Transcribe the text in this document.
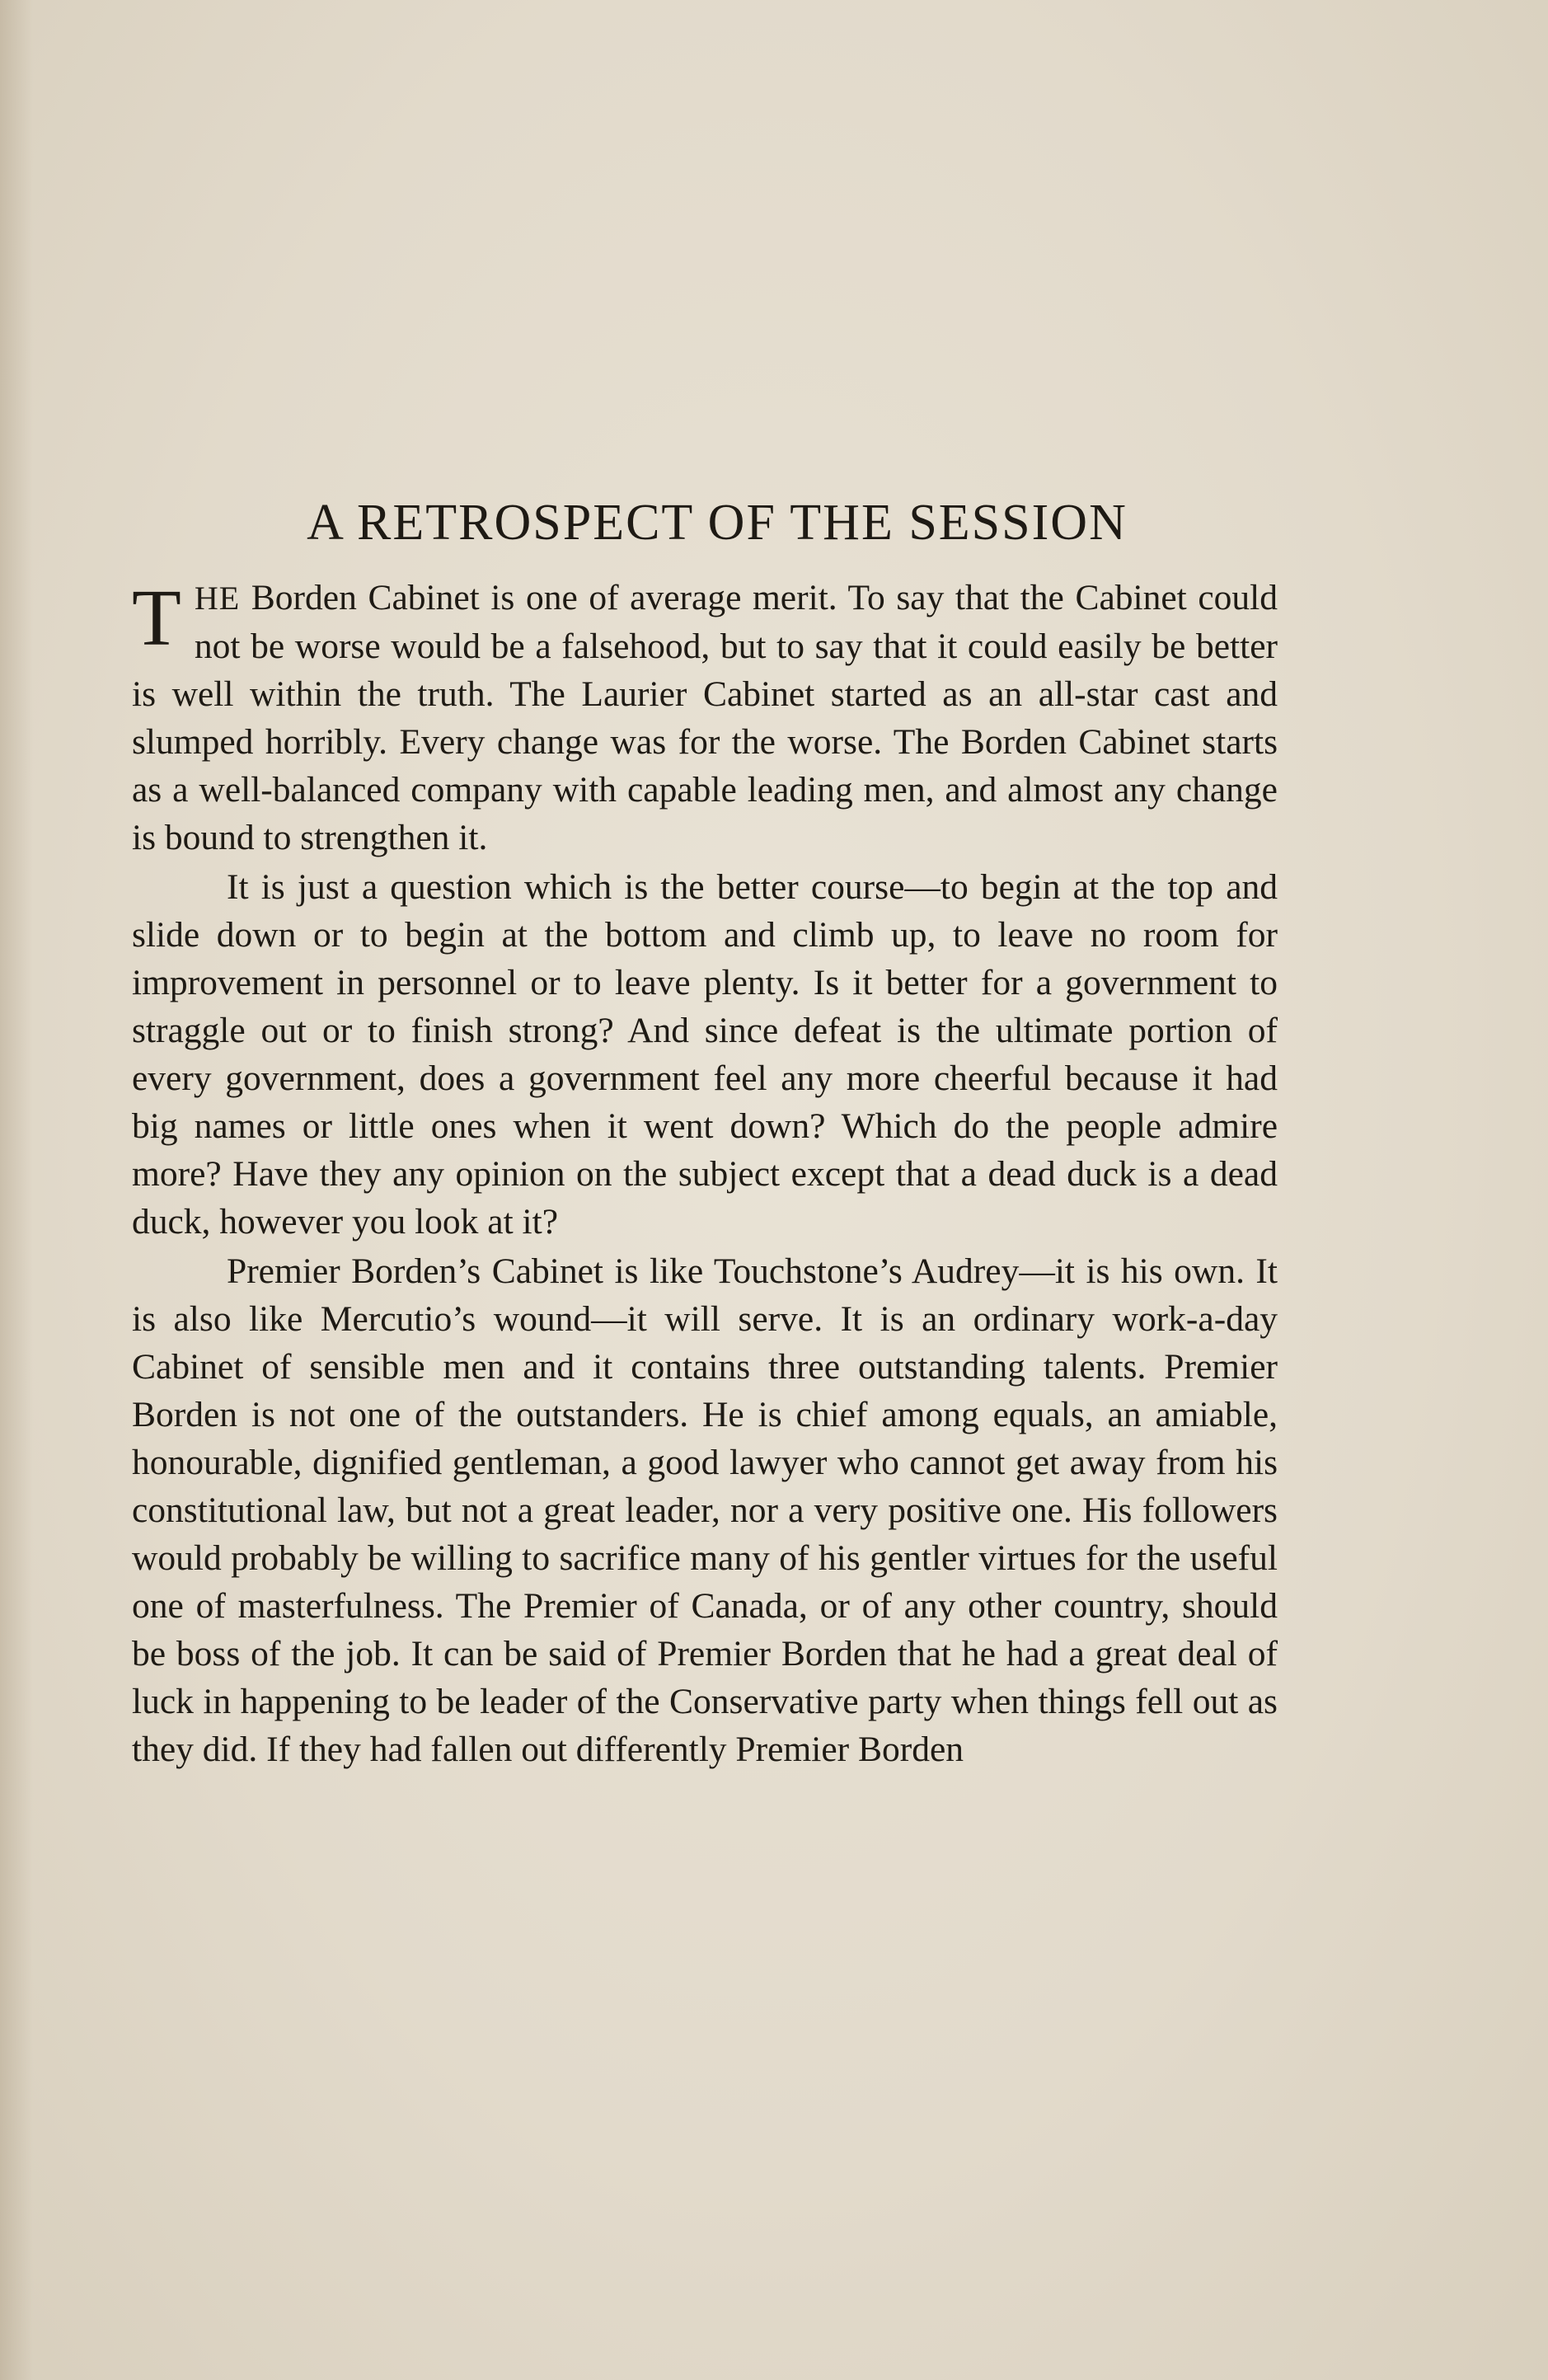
A RETROSPECT OF THE SESSION

THE Borden Cabinet is one of average merit. To say that the Cabinet could not be worse would be a falsehood, but to say that it could easily be better is well within the truth. The Laurier Cabinet started as an all-star cast and slumped horribly. Every change was for the worse. The Borden Cabinet starts as a well-balanced company with capable leading men, and almost any change is bound to strengthen it.

It is just a question which is the better course—to begin at the top and slide down or to begin at the bottom and climb up, to leave no room for improvement in personnel or to leave plenty. Is it better for a government to straggle out or to finish strong? And since defeat is the ultimate portion of every government, does a government feel any more cheerful because it had big names or little ones when it went down? Which do the people admire more? Have they any opinion on the subject except that a dead duck is a dead duck, however you look at it?

Premier Borden’s Cabinet is like Touchstone’s Audrey—it is his own. It is also like Mercutio’s wound—it will serve. It is an ordinary work-a-day Cabinet of sensible men and it contains three outstanding talents. Premier Borden is not one of the outstanders. He is chief among equals, an amiable, honourable, dignified gentleman, a good lawyer who cannot get away from his constitutional law, but not a great leader, nor a very positive one. His followers would probably be willing to sacrifice many of his gentler virtues for the useful one of masterfulness. The Premier of Canada, or of any other country, should be boss of the job. It can be said of Premier Borden that he had a great deal of luck in happening to be leader of the Conservative party when things fell out as they did. If they had fallen out differently Premier Borden
